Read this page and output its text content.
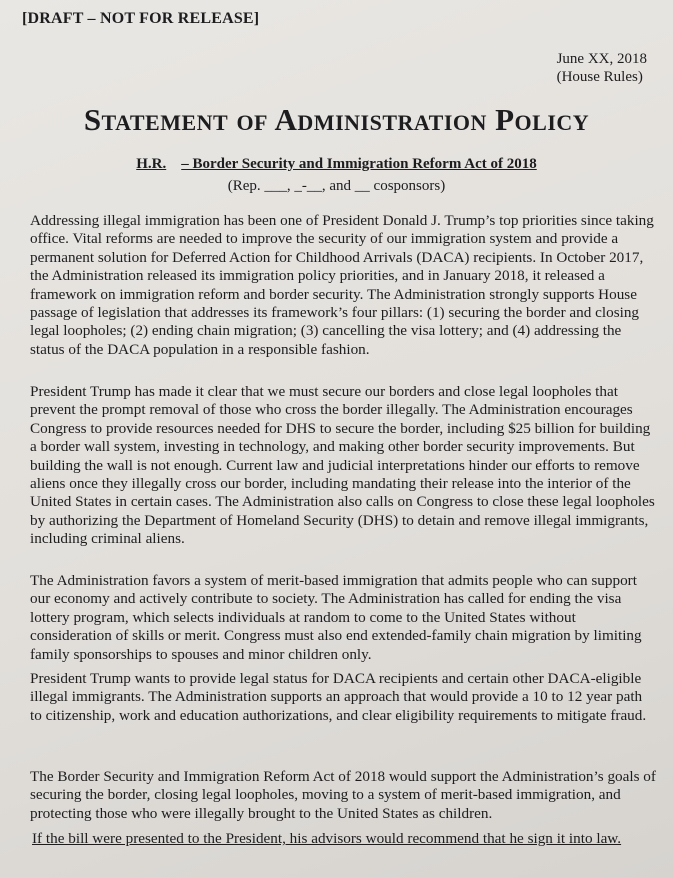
[DRAFT – NOT FOR RELEASE]
June XX, 2018
(House Rules)
Statement of Administration Policy
H.R. – Border Security and Immigration Reform Act of 2018
(Rep. ___, _-__, and __ cosponsors)

Addressing illegal immigration has been one of President Donald J. Trump’s top priorities since taking office. Vital reforms are needed to improve the security of our immigration system and provide a permanent solution for Deferred Action for Childhood Arrivals (DACA) recipients. In October 2017, the Administration released its immigration policy priorities, and in January 2018, it released a framework on immigration reform and border security. The Administration strongly supports House passage of legislation that addresses its framework’s four pillars: (1) securing the border and closing legal loopholes; (2) ending chain migration; (3) cancelling the visa lottery; and (4) addressing the status of the DACA population in a responsible fashion.

President Trump has made it clear that we must secure our borders and close legal loopholes that prevent the prompt removal of those who cross the border illegally. The Administration encourages Congress to provide resources needed for DHS to secure the border, including $25 billion for building a border wall system, investing in technology, and making other border security improvements. But building the wall is not enough. Current law and judicial interpretations hinder our efforts to remove aliens once they illegally cross our border, including mandating their release into the interior of the United States in certain cases. The Administration also calls on Congress to close these legal loopholes by authorizing the Department of Homeland Security (DHS) to detain and remove illegal immigrants, including criminal aliens.

The Administration favors a system of merit-based immigration that admits people who can support our economy and actively contribute to society. The Administration has called for ending the visa lottery program, which selects individuals at random to come to the United States without consideration of skills or merit. Congress must also end extended-family chain migration by limiting family sponsorships to spouses and minor children only.

President Trump wants to provide legal status for DACA recipients and certain other DACA-eligible illegal immigrants. The Administration supports an approach that would provide a 10 to 12 year path to citizenship, work and education authorizations, and clear eligibility requirements to mitigate fraud.

The Border Security and Immigration Reform Act of 2018 would support the Administration’s goals of securing the border, closing legal loopholes, moving to a system of merit-based immigration, and protecting those who were illegally brought to the United States as children.

If the bill were presented to the President, his advisors would recommend that he sign it into law.
